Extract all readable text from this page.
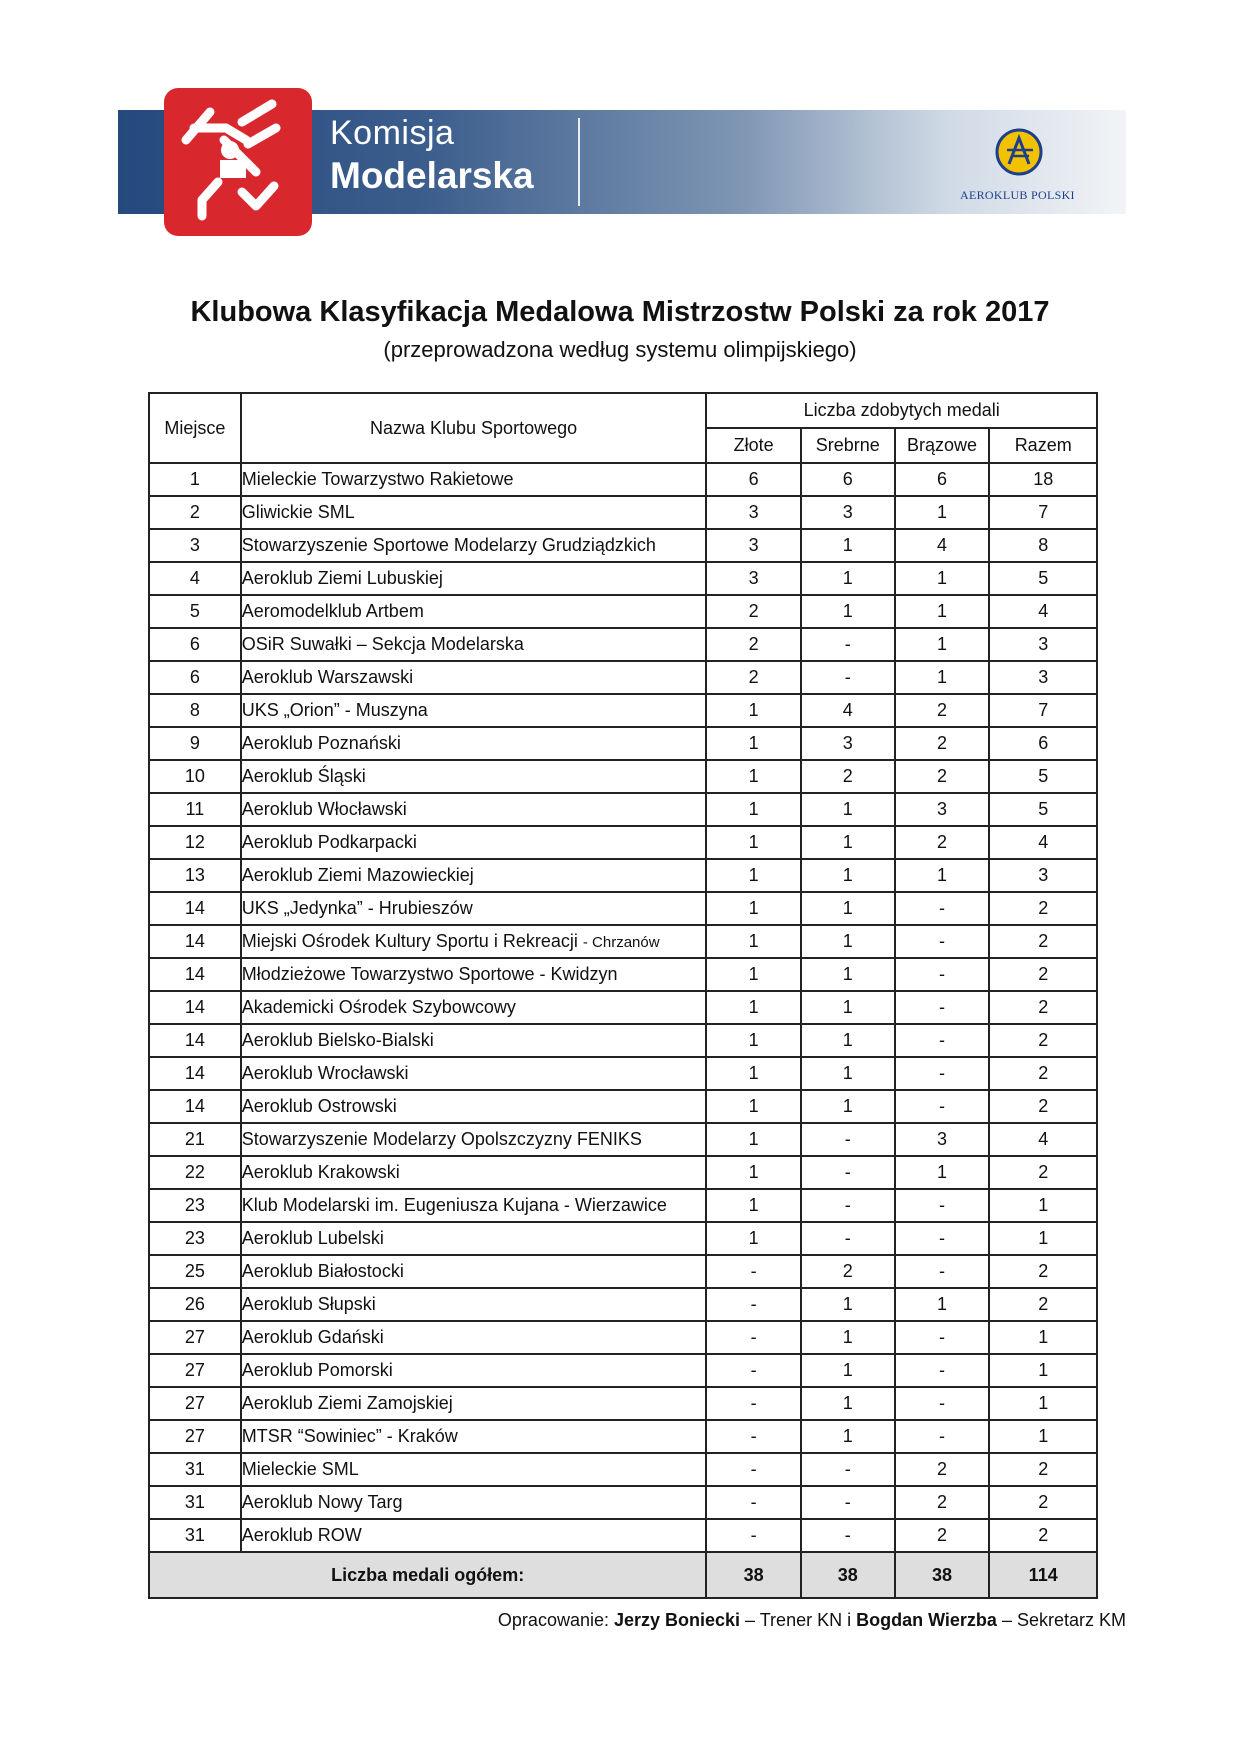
Komisja
Modelarska	AEROKLUB POLSKI
Klubowa Klasyfikacja Medalowa Mistrzostw Polski za rok 2017
(przeprowadzona według systemu olimpijskiego)
Miejsce	Nazwa Klubu Sportowego	Liczba zdobytych medali			
		Złote	Srebrne	Brązowe	Razem
1	Mieleckie Towarzystwo Rakietowe	6	6	6	18
2	Gliwickie SML	3	3	1	7
3	Stowarzyszenie Sportowe Modelarzy Grudziądzkich	3	1	4	8
4	Aeroklub Ziemi Lubuskiej	3	1	1	5
5	Aeromodelklub Artbem	2	1	1	4
6	OSiR Suwałki – Sekcja Modelarska	2	-	1	3
6	Aeroklub Warszawski	2	-	1	3
8	UKS „Orion” - Muszyna	1	4	2	7
9	Aeroklub Poznański	1	3	2	6
10	Aeroklub Śląski	1	2	2	5
11	Aeroklub Włocławski	1	1	3	5
12	Aeroklub Podkarpacki	1	1	2	4
13	Aeroklub Ziemi Mazowieckiej	1	1	1	3
14	UKS „Jedynka” - Hrubieszów	1	1	-	2
14	Miejski Ośrodek Kultury Sportu i Rekreacji - Chrzanów	1	1	-	2
14	Młodzieżowe Towarzystwo Sportowe - Kwidzyn	1	1	-	2
14	Akademicki Ośrodek Szybowcowy	1	1	-	2
14	Aeroklub Bielsko-Bialski	1	1	-	2
14	Aeroklub Wrocławski	1	1	-	2
14	Aeroklub Ostrowski	1	1	-	2
21	Stowarzyszenie Modelarzy Opolszczyzny FENIKS	1	-	3	4
22	Aeroklub Krakowski	1	-	1	2
23	Klub Modelarski im. Eugeniusza Kujana - Wierzawice	1	-	-	1
23	Aeroklub Lubelski	1	-	-	1
25	Aeroklub Białostocki	-	2	-	2
26	Aeroklub Słupski	-	1	1	2
27	Aeroklub Gdański	-	1	-	1
27	Aeroklub Pomorski	-	1	-	1
27	Aeroklub Ziemi Zamojskiej	-	1	-	1
27	MTSR “Sowiniec” - Kraków	-	1	-	1
31	Mieleckie SML	-	-	2	2
31	Aeroklub Nowy Targ	-	-	2	2
31	Aeroklub ROW	-	-	2	2
Liczba medali ogółem:		38	38	38	114
Opracowanie: Jerzy Boniecki – Trener KN i Bogdan Wierzba – Sekretarz KM
